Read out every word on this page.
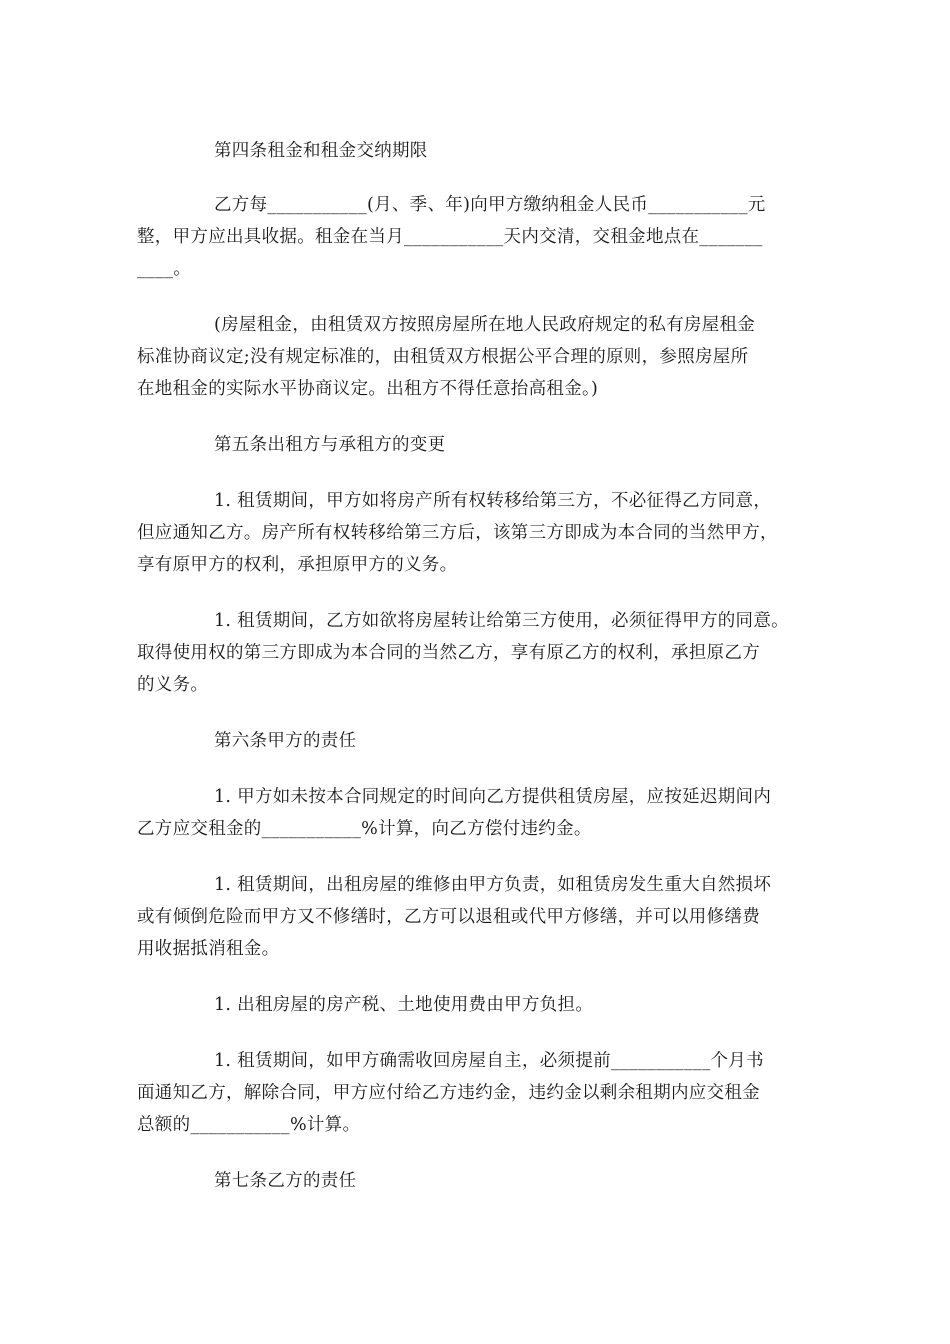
第四条租金和租金交纳期限
乙方每___________(月、季、年)向甲方缴纳租金人民币___________元
整，甲方应出具收据。租金在当月___________天内交清，交租金地点在_______
____。
(房屋租金，由租赁双方按照房屋所在地人民政府规定的私有房屋租金
标准协商议定;没有规定标准的，由租赁双方根据公平合理的原则，参照房屋所
在地租金的实际水平协商议定。出租方不得任意抬高租金。)
第五条出租方与承租方的变更
1. 租赁期间，甲方如将房产所有权转移给第三方，不必征得乙方同意，
但应通知乙方。房产所有权转移给第三方后，该第三方即成为本合同的当然甲方，
享有原甲方的权利，承担原甲方的义务。
1. 租赁期间，乙方如欲将房屋转让给第三方使用，必须征得甲方的同意。
取得使用权的第三方即成为本合同的当然乙方，享有原乙方的权利，承担原乙方
的义务。
第六条甲方的责任
1. 甲方如未按本合同规定的时间向乙方提供租赁房屋，应按延迟期间内
乙方应交租金的___________%计算，向乙方偿付违约金。
1. 租赁期间，出租房屋的维修由甲方负责，如租赁房发生重大自然损坏
或有倾倒危险而甲方又不修缮时，乙方可以退租或代甲方修缮，并可以用修缮费
用收据抵消租金。
1. 出租房屋的房产税、土地使用费由甲方负担。
1. 租赁期间，如甲方确需收回房屋自主，必须提前___________个月书
面通知乙方，解除合同，甲方应付给乙方违约金，违约金以剩余租期内应交租金
总额的___________%计算。
第七条乙方的责任
